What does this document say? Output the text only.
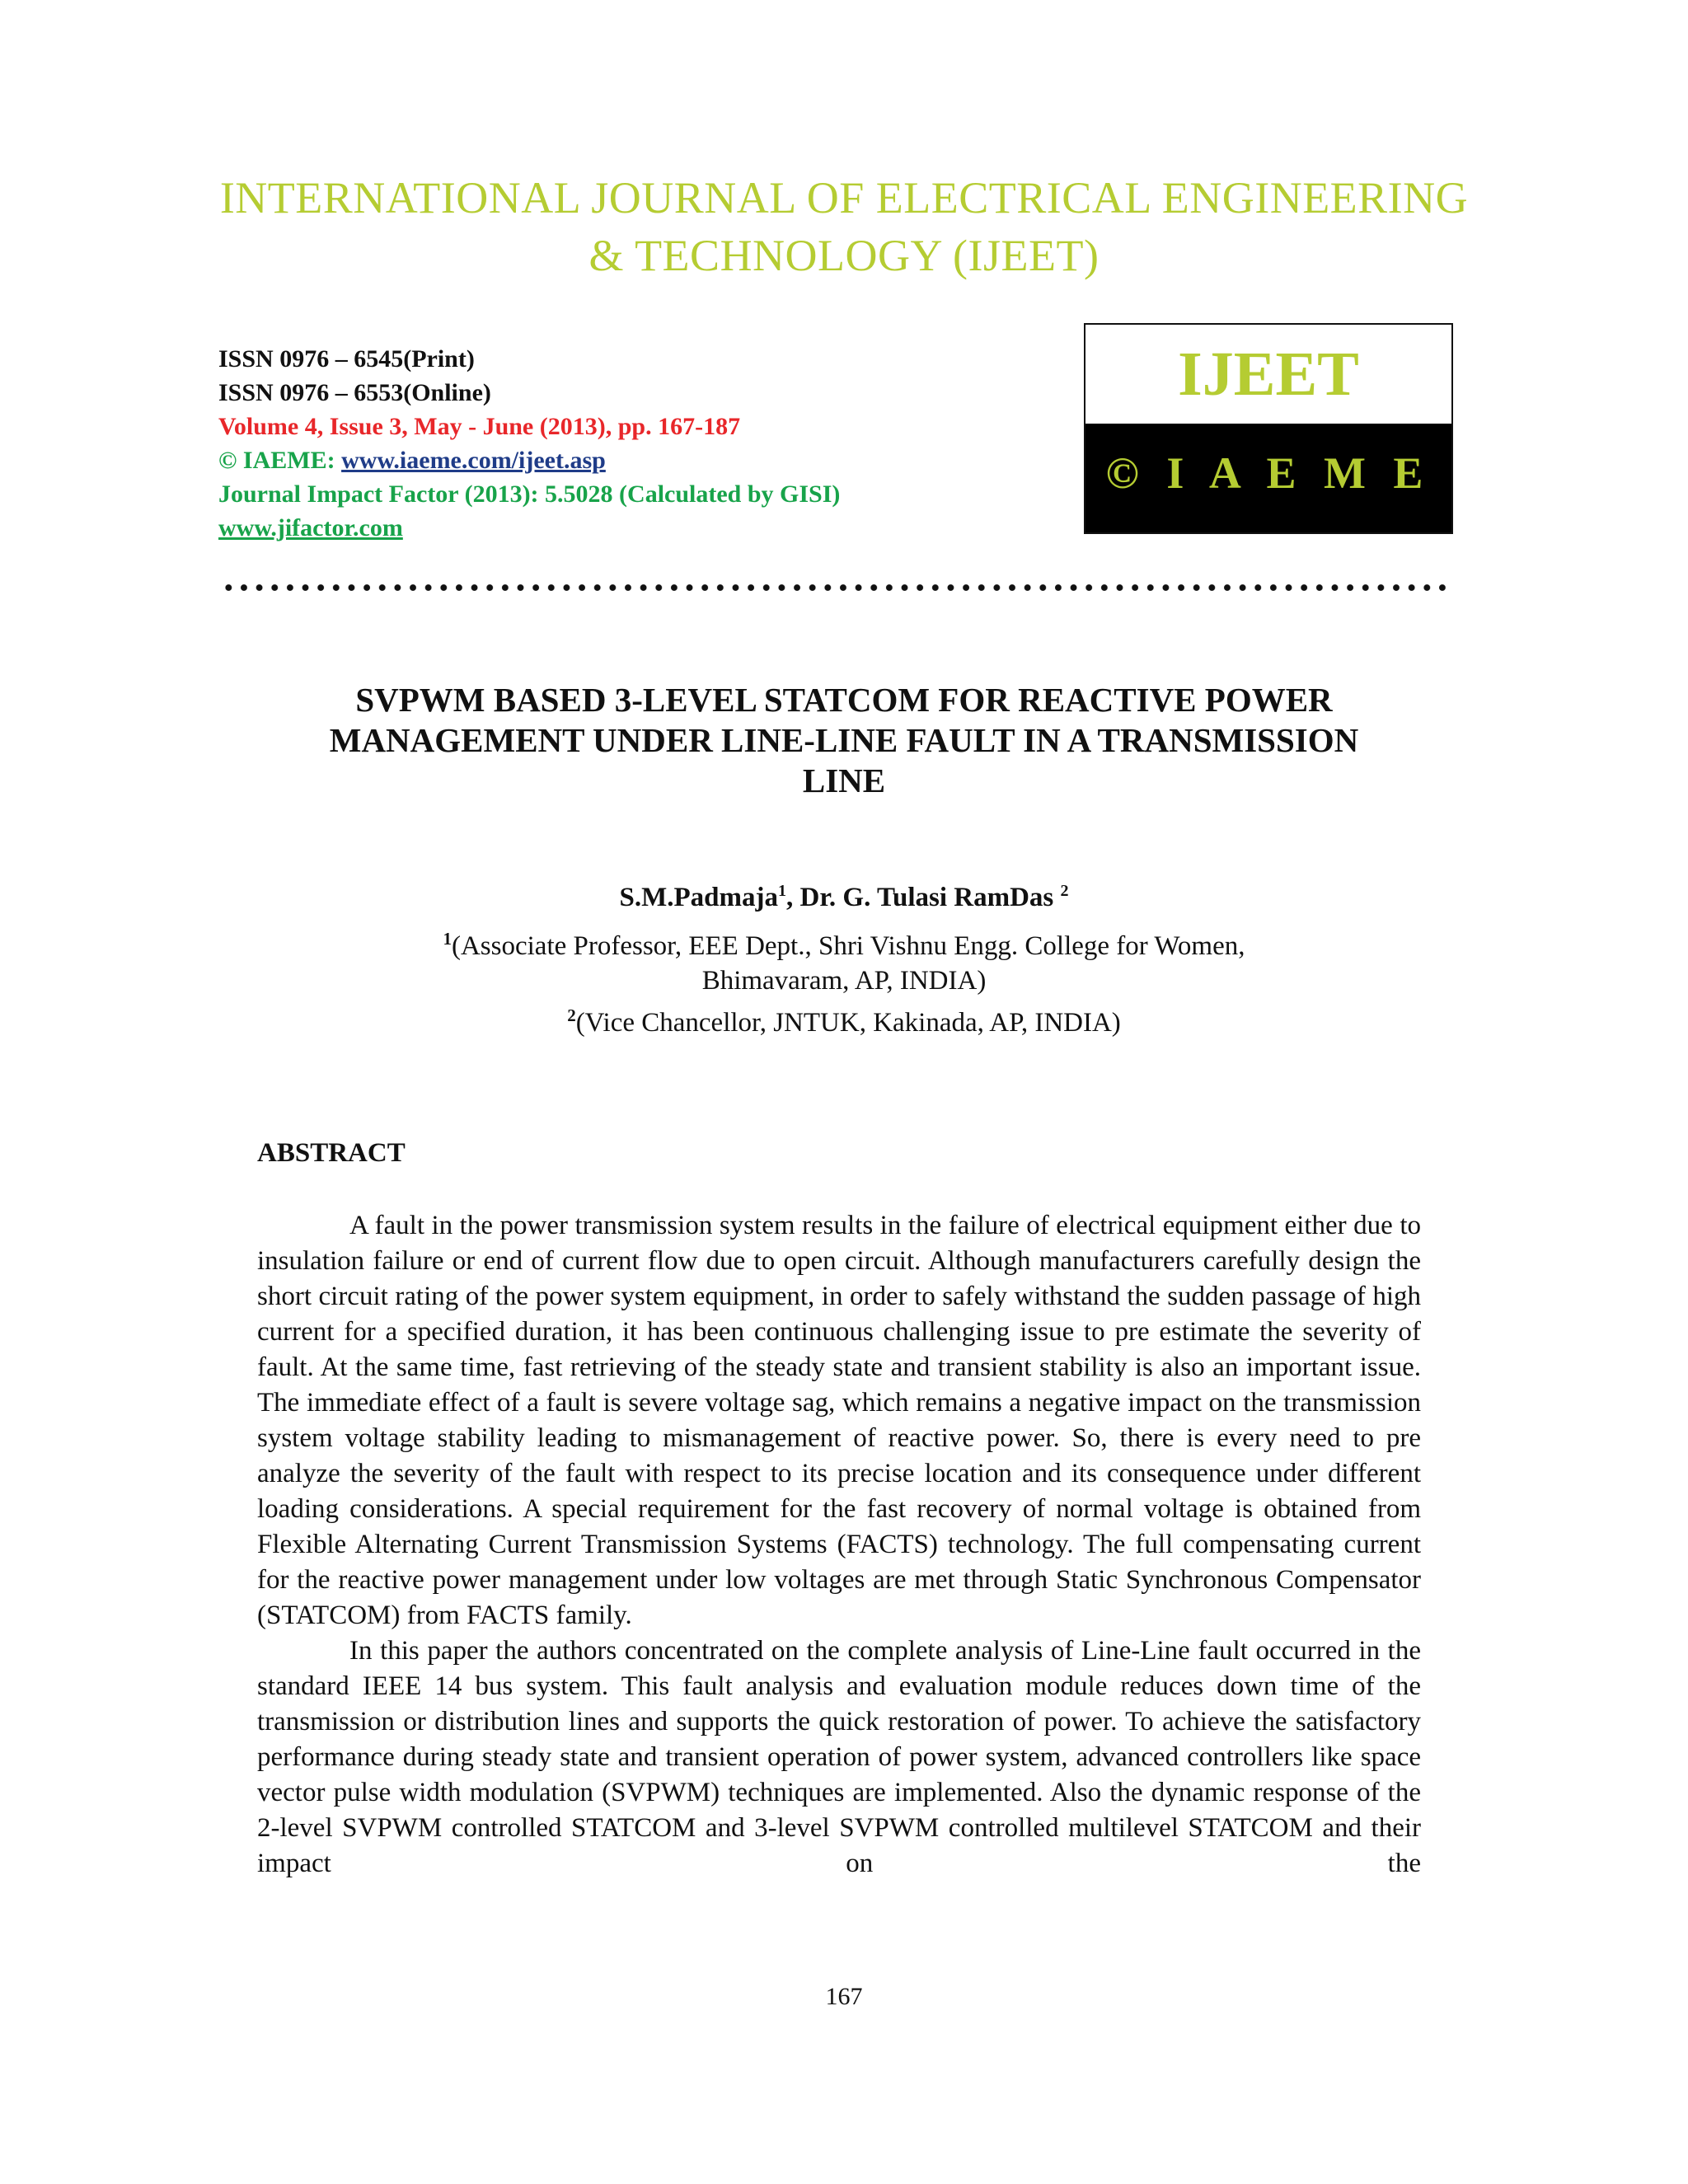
INTERNATIONAL JOURNAL OF ELECTRICAL ENGINEERING
& TECHNOLOGY (IJEET)
ISSN 0976 – 6545(Print)
ISSN 0976 – 6553(Online)
Volume 4, Issue 3, May - June (2013), pp. 167-187
© IAEME: www.iaeme.com/ijeet.asp
Journal Impact Factor (2013): 5.5028 (Calculated by GISI)
www.jifactor.com
IJEET
© I A E M E
SVPWM BASED 3-LEVEL STATCOM FOR REACTIVE POWER
MANAGEMENT UNDER LINE-LINE FAULT IN A TRANSMISSION
LINE
S.M.Padmaja$^1$, Dr. G. Tulasi RamDas $^2$
$^1$(Associate Professor, EEE Dept., Shri Vishnu Engg. College for Women,
Bhimavaram, AP, INDIA)
$^2$(Vice Chancellor, JNTUK, Kakinada, AP, INDIA)
ABSTRACT

A fault in the power transmission system results in the failure of electrical equipment either due to insulation failure or end of current flow due to open circuit. Although manufacturers carefully design the short circuit rating of the power system equipment, in order to safely withstand the sudden passage of high current for a specified duration, it has been continuous challenging issue to pre estimate the severity of fault. At the same time, fast retrieving of the steady state and transient stability is also an important issue. The immediate effect of a fault is severe voltage sag, which remains a negative impact on the transmission system voltage stability leading to mismanagement of reactive power. So, there is every need to pre analyze the severity of the fault with respect to its precise location and its consequence under different loading considerations. A special requirement for the fast recovery of normal voltage is obtained from Flexible Alternating Current Transmission Systems (FACTS) technology. The full compensating current for the reactive power management under low voltages are met through Static Synchronous Compensator (STATCOM) from FACTS family.

In this paper the authors concentrated on the complete analysis of Line-Line fault occurred in the standard IEEE 14 bus system. This fault analysis and evaluation module reduces down time of the transmission or distribution lines and supports the quick restoration of power. To achieve the satisfactory performance during steady state and transient operation of power system, advanced controllers like space vector pulse width modulation (SVPWM) techniques are implemented. Also the dynamic response of the 2-level SVPWM controlled STATCOM and 3-level SVPWM controlled multilevel STATCOM and their impact on the

167
